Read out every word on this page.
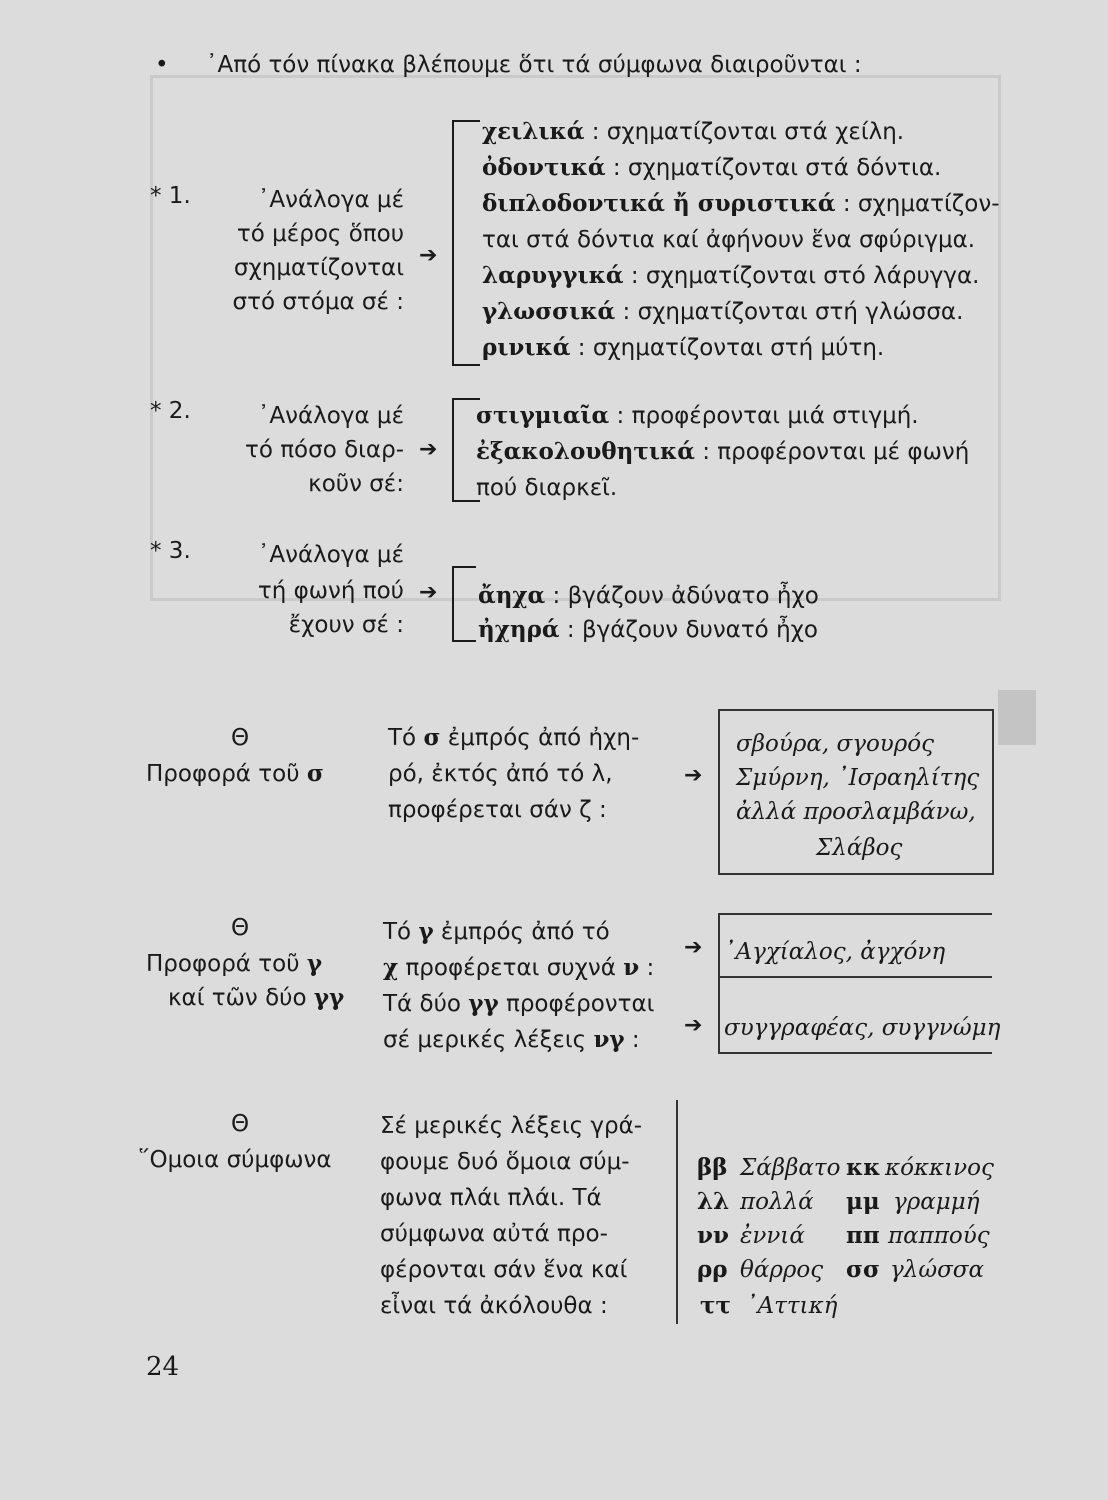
• ᾿Από τόν πίνακα βλέπουμε ὅτι τά σύμφωνα διαιροῦνται :
* 1.	᾿Ανάλογα μέ
τό μέρος ὅπου
σχηματίζονται
στό στόμα σέ :
➔
χειλικά : σχηματίζονται στά χείλη.
ὀδοντικά : σχηματίζονται στά δόντια.
διπλοδοντικά ἤ συριστικά : σχηματίζον-
ται στά δόντια καί ἀφήνουν ἕνα σφύριγμα.
λαρυγγικά : σχηματίζονται στό λάρυγγα.
γλωσσικά : σχηματίζονται στή γλώσσα.
ρινικά : σχηματίζονται στή μύτη.
* 2.	᾿Ανάλογα μέ
τό πόσο διαρ-
κοῦν σέ:
➔
στιγμιαῖα : προφέρονται μιά στιγμή.
ἐξακολουθητικά : προφέρονται μέ φωνή
πού διαρκεῖ.
* 3.	᾿Ανάλογα μέ
τή φωνή πού
ἔχουν σέ :
➔ ἄηχα : βγάζουν ἀδύνατο ἦχο
ἠχηρά : βγάζουν δυνατό ἦχο
Θ
Προφορά τοῦ σ
Τό σ ἐμπρός ἀπό ἠχη-
ρό, ἐκτός ἀπό τό λ,
προφέρεται σάν ζ :
➔
σβούρα, σγουρός
Σμύρνη, ᾿Ισραηλίτης
ἀλλά προσλαμβάνω,
Σλάβος
Θ
Προφορά τοῦ γ
καί τῶν δύο γγ
Τό γ ἐμπρός ἀπό τό
χ προφέρεται συχνά ν :
Τά δύο γγ προφέρονται
σέ μερικές λέξεις νγ :
➔
➔
᾿Αγχίαλος, ἀγχόνη
συγγραφέας, συγγνώμη
Θ
῞Ομοια σύμφωνα
Σέ μερικές λέξεις γρά-
φουμε δυό ὅμοια σύμ-
φωνα πλάι πλάι. Τά
σύμφωνα αὐτά προ-
φέρονται σάν ἕνα καί
εἶναι τά ἀκόλουθα :
ββ Σάββατο κκ κόκκινος
λλ πολλά μμ γραμμή
νν ἐννιά ππ παππούς
ρρ θάρρος σσ γλώσσα
ττ ᾿Αττική
24
